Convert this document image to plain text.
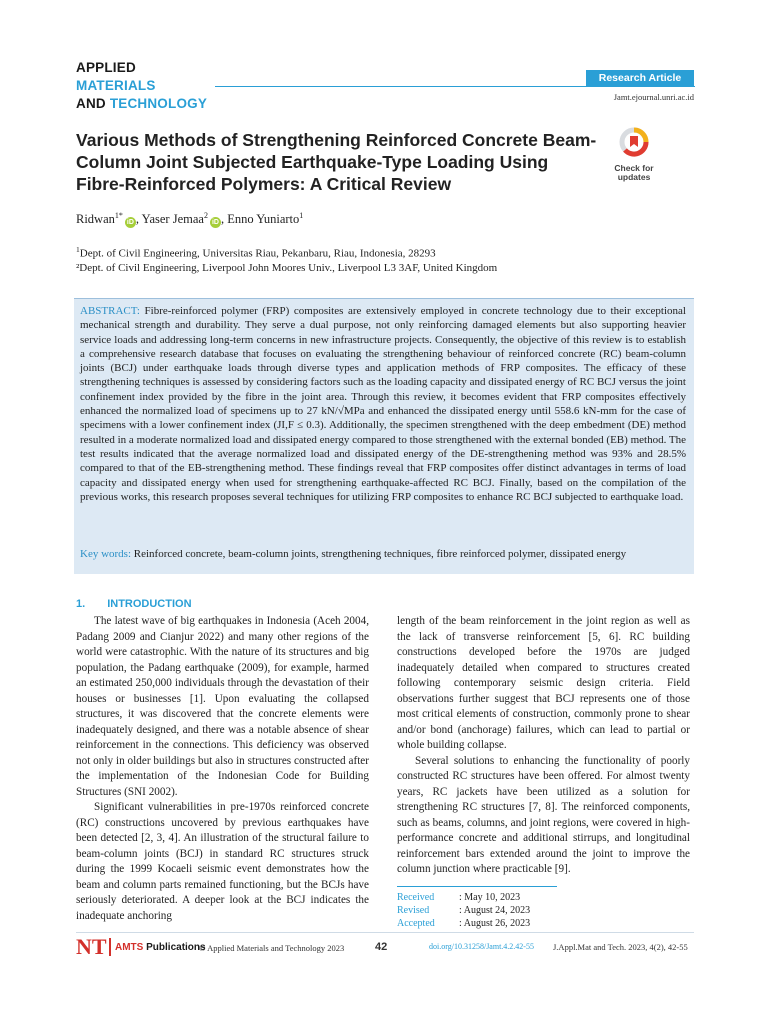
APPLIED
MATERIALS
AND TECHNOLOGY
Research Article
Jamt.ejournal.unri.ac.id
Various Methods of Strengthening Reinforced Concrete Beam-Column Joint Subjected Earthquake-Type Loading Using Fibre-Reinforced Polymers: A Critical Review
Check for
updates
Ridwan$^{1*}$iD , Yaser Jemaa$^2$iD , Enno Yuniarto$^1$
$^1$Dept. of Civil Engineering, Universitas Riau, Pekanbaru, Riau, Indonesia, 28293
²Dept. of Civil Engineering, Liverpool John Moores Univ., Liverpool L3 3AF, United Kingdom
ABSTRACT: Fibre-reinforced polymer (FRP) composites are extensively employed in concrete technology due to their exceptional mechanical strength and durability. They serve a dual purpose, not only reinforcing damaged elements but also supporting heavier service loads and addressing long-term concerns in new infrastructure projects. Consequently, the objective of this review is to establish a comprehensive research database that focuses on evaluating the strengthening behaviour of reinforced concrete (RC) beam-column joints (BCJ) under earthquake loads through diverse types and application methods of FRP composites. The efficacy of these strengthening techniques is assessed by considering factors such as the loading capacity and dissipated energy of RC BCJ versus the joint confinement index provided by the fibre in the joint area. Through this review, it becomes evident that FRP composites effectively enhanced the normalized load of specimens up to 27 kN/√MPa and enhanced the dissipated energy until 558.6 kN-mm for the case of specimens with a lower confinement index (JI,F ≤ 0.3). Additionally, the specimen strengthened with the deep embedment (DE) method resulted in a moderate normalized load and dissipated energy compared to those strengthened with the external bonded (EB) method. The test results indicated that the average normalized load and dissipated energy of the DE-strengthening method was 93% and 28.5% compared to that of the EB-strengthening method. These findings reveal that FRP composites offer distinct advantages in terms of load capacity and dissipated energy when used for strengthening earthquake-affected RC BCJ. Finally, based on the compilation of the previous works, this research proposes several techniques for utilizing FRP composites to enhance RC BCJ subjected to earthquake load.
Key words: Reinforced concrete, beam-column joints, strengthening techniques, fibre reinforced polymer, dissipated energy
1. INTRODUCTION

The latest wave of big earthquakes in Indonesia (Aceh 2004, Padang 2009 and Cianjur 2022) and many other regions of the world were catastrophic. With the nature of its structures and big population, the Padang earthquake (2009), for example, harmed an estimated 250,000 individuals through the devastation of their houses or businesses [1]. Upon evaluating the collapsed structures, it was discovered that the concrete elements were inadequately designed, and there was a notable absence of shear reinforcement in the connections. This deficiency was observed not only in older buildings but also in structures constructed after the implementation of the Indonesian Code for Building Structures (SNI 2002).

Significant vulnerabilities in pre-1970s reinforced concrete (RC) constructions uncovered by previous earthquakes have been detected [2, 3, 4]. An illustration of the structural failure to beam-column joints (BCJ) in standard RC structures struck during the 1999 Kocaeli seismic event demonstrates how the beam and column parts remained functioning, but the BCJs have seriously deteriorated. A deeper look at the BCJ indicates the inadequate anchoring

length of the beam reinforcement in the joint region as well as the lack of transverse reinforcement [5, 6]. RC building constructions developed before the 1970s are judged inadequately detailed when compared to structures created following contemporary seismic design criteria. Field observations further suggest that BCJ represents one of those most critical elements of construction, commonly prone to shear and/or bond (anchorage) failures, which can lead to partial or whole building collapse.

Several solutions to enhancing the functionality of poorly constructed RC structures have been offered. For almost twenty years, RC jackets have been utilized as a solution for strengthening RC structures [7, 8]. The reinforced components, such as beams, columns, and joint regions, were covered in high-performance concrete and additional stirrups, and longitudinal reinforcement bars extended around the joint to improve the column junction where practicable [9].

Received	: May 10, 2023
Revised	: August 24, 2023
Accepted	: August 26, 2023
NT AMTS Publications
© Applied Materials and Technology 2023	42	doi.org/10.31258/Jamt.4.2.42-55 J.Appl.Mat and Tech. 2023, 4(2), 42-55
